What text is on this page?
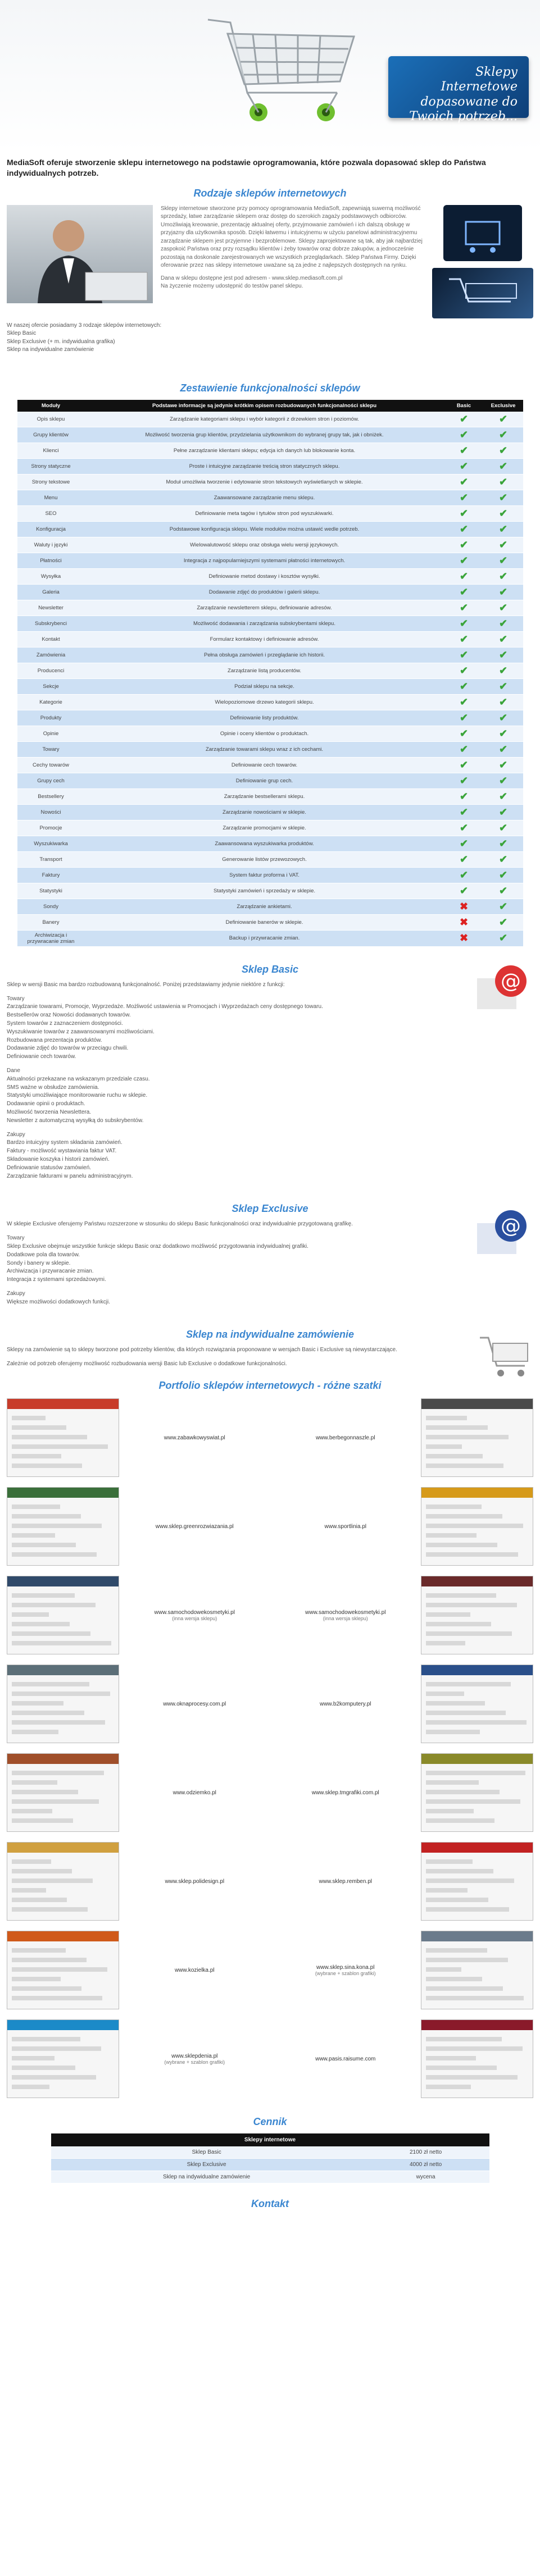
Sklepy Internetowe
dopasowane do
Twoich potrzeb...
MediaSoft oferuje stworzenie sklepu internetowego na podstawie oprogramowania, które pozwala dopasować sklep do Państwa indywidualnych potrzeb.
Rodzaje sklepów internetowych

Sklepy internetowe stworzone przy pomocy oprogramowania MediaSoft, zapewniają suwerną możliwość sprzedaży, łatwe zarządzanie sklepem oraz dostęp do szerokich zagaży podstawowych odbiorców. Umożliwiają kreowanie, prezentację aktualnej oferty, przyjmowanie zamówień i ich dalszą obsługę w przyjazny dla użytkownika sposób. Dzięki łatwemu i intuicyjnemu w użyciu panelowi administracyjnemu zarządzanie sklepem jest przyjemne i bezproblemowe. Sklepy zaprojektowane są tak, aby jak najbardziej zaspokoić Państwa oraz przy rozsądku klientów i żeby towarów oraz dobrze zakupów, a jednocześnie pozostają na doskonale zarejestrowanych we wszystkich przeglądarkach. Sklep Państwa Firmy. Dzięki oferowanie przez nas sklepy internetowe uważane są za jedne z najlepszych dostępnych na rynku.

Dana w sklepu dostępne jest pod adresem - www.sklep.mediasoft.com.pl
Na życzenie możemy udostępnić do testów panel sklepu.

W naszej ofercie posiadamy 3 rodzaje sklepów internetowych:
Sklep Basic
Sklep Exclusive (+ m. indywidualna grafika)
Sklep na indywidualne zamówienie
Zestawienie funkcjonalności sklepów
Moduły	Podstawe informacje są jedynie krótkim opisem rozbudowanych funkcjonalności sklepu	Basic	Exclusive
Opis sklepu	Zarządzanie kategoriami sklepu i wybór kategorii z drzewkiem stron i poziomów.	✔	✔
Grupy klientów	Możliwość tworzenia grup klientów, przydzielania użytkownikom do wybranej grupy tak, jak i obniżek.	✔	✔
Klienci	Pełne zarządzanie klientami sklepu; edycja ich danych lub blokowanie konta.	✔	✔
Strony statyczne	Proste i intuicyjne zarządzanie treścią stron statycznych sklepu.	✔	✔
Strony tekstowe	Moduł umożliwia tworzenie i edytowanie stron tekstowych wyświetlanych w sklepie.	✔	✔
Menu	Zaawansowane zarządzanie menu sklepu.	✔	✔
SEO	Definiowanie meta tagów i tytułów stron pod wyszukiwarki.	✔	✔
Konfiguracja	Podstawowe konfiguracja sklepu. Wiele modułów można ustawić wedle potrzeb.	✔	✔
Waluty i języki	Wielowalutowość sklepu oraz obsługa wielu wersji językowych.	✔	✔
Płatności	Integracja z najpopularniejszymi systemami płatności internetowych.	✔	✔
Wysyłka	Definiowanie metod dostawy i kosztów wysyłki.	✔	✔
Galeria	Dodawanie zdjęć do produktów i galerii sklepu.	✔	✔
Newsletter	Zarządzanie newsletterem sklepu, definiowanie adresów.	✔	✔
Subskrybenci	Możliwość dodawania i zarządzania subskrybentami sklepu.	✔	✔
Kontakt	Formularz kontaktowy i definiowanie adresów.	✔	✔
Zamówienia	Pełna obsługa zamówień i przeglądanie ich historii.	✔	✔
Producenci	Zarządzanie listą producentów.	✔	✔
Sekcje	Podział sklepu na sekcje.	✔	✔
Kategorie	Wielopoziomowe drzewo kategorii sklepu.	✔	✔
Produkty	Definiowanie listy produktów.	✔	✔
Opinie	Opinie i oceny klientów o produktach.	✔	✔
Towary	Zarządzanie towarami sklepu wraz z ich cechami.	✔	✔
Cechy towarów	Definiowanie cech towarów.	✔	✔
Grupy cech	Definiowanie grup cech.	✔	✔
Bestsellery	Zarządzanie bestsellerami sklepu.	✔	✔
Nowości	Zarządzanie nowościami w sklepie.	✔	✔
Promocje	Zarządzanie promocjami w sklepie.	✔	✔
Wyszukiwarka	Zaawansowana wyszukiwarka produktów.	✔	✔
Transport	Generowanie listów przewozowych.	✔	✔
Faktury	System faktur proforma i VAT.	✔	✔
Statystyki	Statystyki zamówień i sprzedaży w sklepie.	✔	✔
Sondy	Zarządzanie ankietami.	✖	✔
Banery	Definiowanie banerów w sklepie.	✖	✔
Archiwizacja i przywracanie zmian	Backup i przywracanie zmian.	✖	✔
Sklep Basic

Sklep w wersji Basic ma bardzo rozbudowaną funkcjonalność. Poniżej przedstawiamy jedynie niektóre z funkcji:

Towary
Zarządzanie towarami, Promocje, Wyprzedaże. Możliwość ustawienia w Promocjach i Wyprzedażach ceny dostępnego towaru.
Bestsellerów oraz Nowości dodawanych towarów.
System towarów z zaznaczeniem dostępności.
Wyszukiwanie towarów z zaawansowanymi możliwościami.
Rozbudowana prezentacja produktów.
Dodawanie zdjęć do towarów w przeciągu chwili.
Definiowanie cech towarów.

Dane
Aktualności przekazane na wskazanym przedziale czasu.
SMS ważne w obsłudze zamówienia.
Statystyki umożliwiające monitorowanie ruchu w sklepie.
Dodawanie opinii o produktach.
Możliwość tworzenia Newslettera.
Newsletter z automatyczną wysyłką do subskrybentów.

Zakupy
Bardzo intuicyjny system składania zamówień.
Faktury - możliwość wystawiania faktur VAT.
Składowanie koszyka i historii zamówień.
Definiowanie statusów zamówień.
Zarządzanie fakturami w panelu administracyjnym.

@
Sklep Exclusive

W sklepie Exclusive oferujemy Państwu rozszerzone w stosunku do sklepu Basic funkcjonalności oraz indywidualnie przygotowaną grafikę.

Towary
Sklep Exclusive obejmuje wszystkie funkcje sklepu Basic oraz dodatkowo możliwość przygotowania indywidualnej grafiki.
Dodatkowe pola dla towarów.
Sondy i banery w sklepie.
Archiwizacja i przywracanie zmian.
Integracja z systemami sprzedażowymi.

Zakupy
Większe możliwości dodatkowych funkcji.

@
Sklep na indywidualne zamówienie

Sklepy na zamówienie są to sklepy tworzone pod potrzeby klientów, dla których rozwiązania proponowane w wersjach Basic i Exclusive są niewystarczające.

Zależnie od potrzeb oferujemy możliwość rozbudowania wersji Basic lub Exclusive o dodatkowe funkcjonalności.

Portfolio sklepów internetowych - różne szatki
www.zabawkowyswiat.pl	www.berbegonnaszle.pl
www.sklep.greenrozwiazania.pl	www.sportlinia.pl
www.samochodowekosmetyki.pl
(inna wersja sklepu)
www.samochodowekosmetyki.pl
(inna wersja sklepu)
www.oknaprocesy.com.pl	www.b2komputery.pl
www.odziemko.pl	www.sklep.tmgrafiki.com.pl
www.sklep.polidesign.pl	www.sklep.remben.pl
www.kozielka.pl	www.sklep.sina.kona.pl
(wybrane + szablon grafiki)
www.sklepdenia.pl
(wybrane + szablon grafiki)	www.pasis.raisume.com
Cennik
Sklepy internetowe	
Sklep Basic	2100 zł netto
Sklep Exclusive	4000 zł netto
Sklep na indywidualne zamówienie	wycena
Kontakt
